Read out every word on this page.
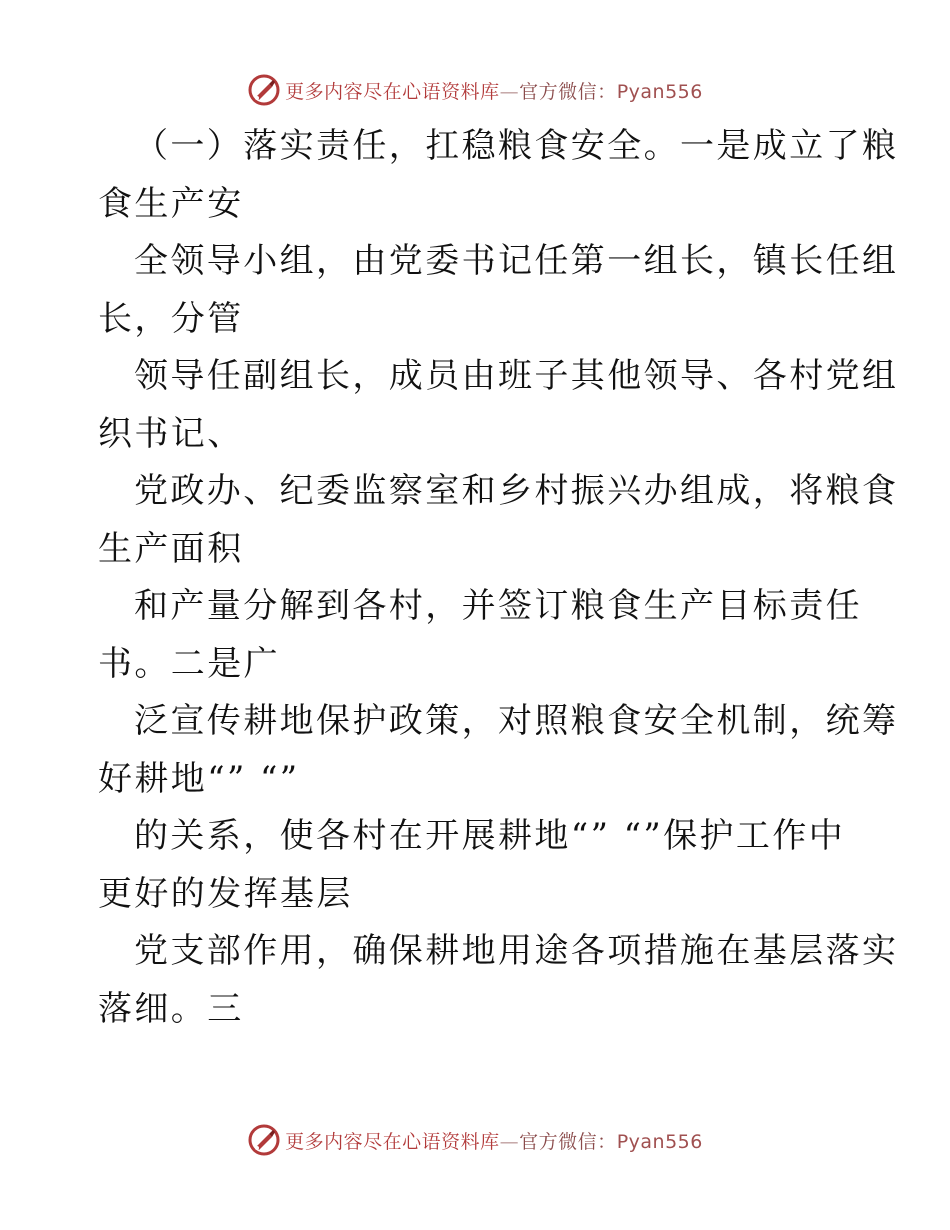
更多内容尽在心语资料库—官方微信：Pyan556
（一）落实责任，扛稳粮食安全。一是成立了粮
食生产安
全领导小组，由党委书记任第一组长，镇长任组
长，分管
领导任副组长，成员由班子其他领导、各村党组
织书记、
党政办、纪委监察室和乡村振兴办组成，将粮食
生产面积
和产量分解到各村，并签订粮食生产目标责任
书。二是广
泛宣传耕地保护政策，对照粮食安全机制，统筹
好耕地“” “”
的关系，使各村在开展耕地“” “”保护工作中
更好的发挥基层
党支部作用，确保耕地用途各项措施在基层落实
落细。三
更多内容尽在心语资料库—官方微信：Pyan556
